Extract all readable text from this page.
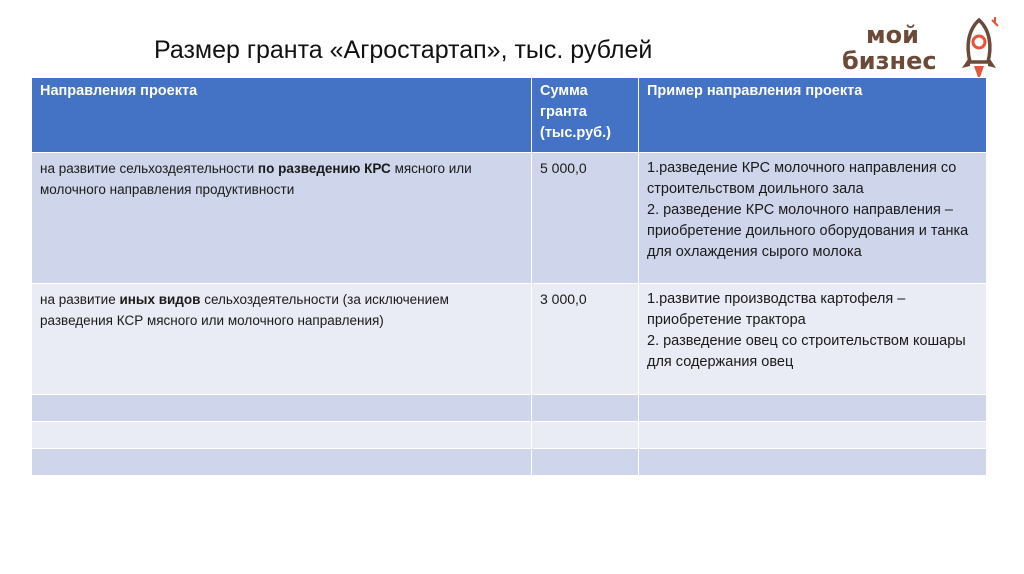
Размер гранта «Агростартап», тыс. рублей
мой
бизнес
Направления проекта	Сумма гранта (тыс.руб.)	Пример направления проекта
на развитие сельхоздеятельности по разведению КРС мясного или молочного направления продуктивности	5 000,0	1.разведение КРС молочного направления со строительством доильного зала

2. разведение КРС молочного направления – приобретение доильного оборудования и танка для охлаждения сырого молока

на развитие иных видов сельхоздеятельности (за исключением разведения КСР мясного или молочного направления)	3 000,0	1.развитие производства картофеля – приобретение трактора

2. разведение овец со строительством кошары для содержания овец
